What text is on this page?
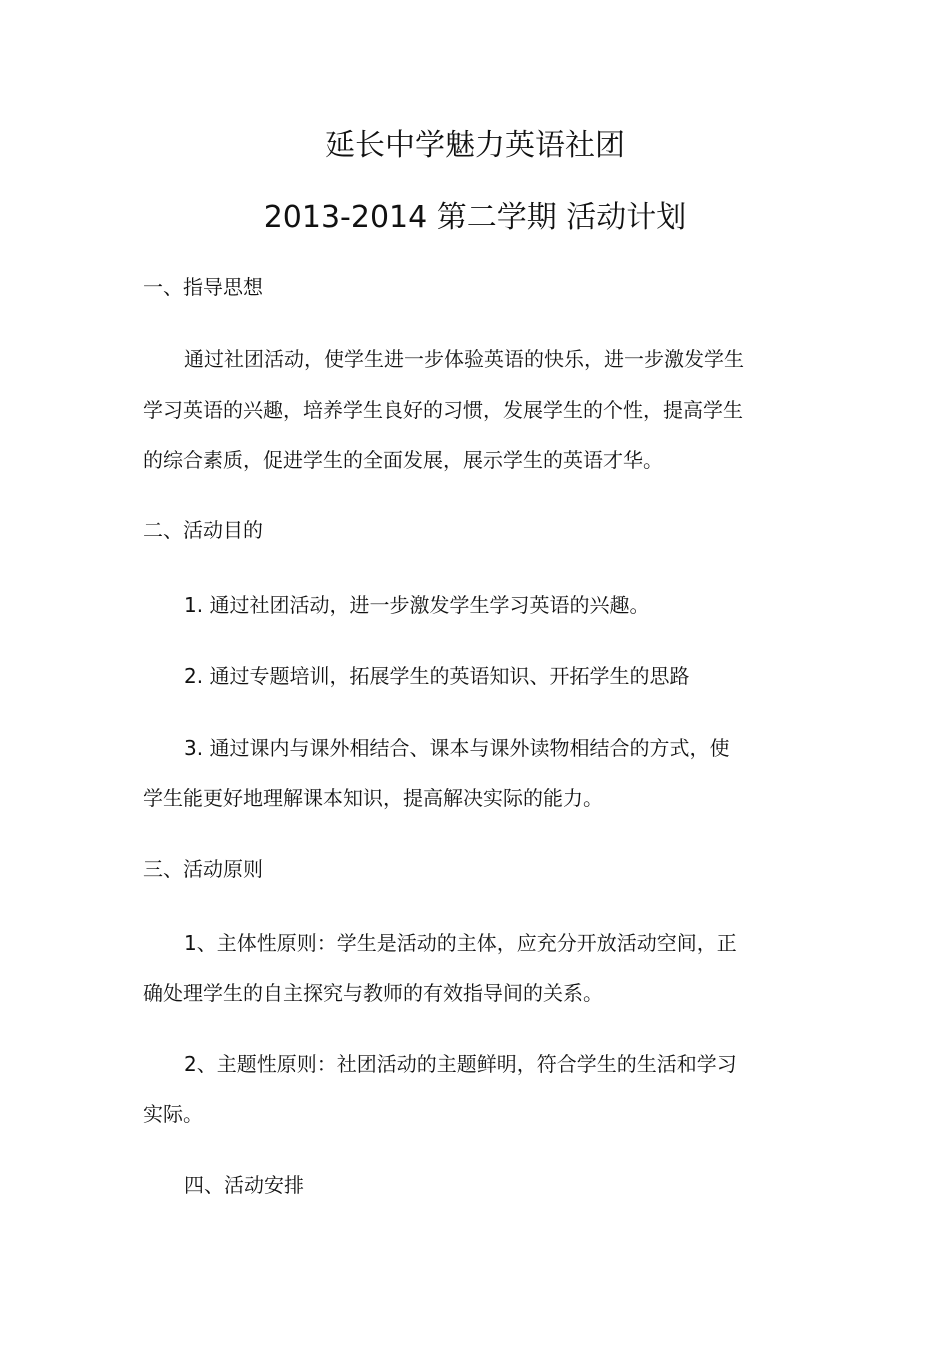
延长中学魅力英语社团
2013-2014 第二学期 活动计划
一、指导思想
通过社团活动，使学生进一步体验英语的快乐，进一步激发学生
学习英语的兴趣，培养学生良好的习惯，发展学生的个性，提高学生
的综合素质，促进学生的全面发展，展示学生的英语才华。
二、活动目的
1. 通过社团活动，进一步激发学生学习英语的兴趣。
2. 通过专题培训，拓展学生的英语知识、开拓学生的思路
3. 通过课内与课外相结合、课本与课外读物相结合的方式，使
学生能更好地理解课本知识，提高解决实际的能力。
三、活动原则
1、主体性原则：学生是活动的主体，应充分开放活动空间，正
确处理学生的自主探究与教师的有效指导间的关系。
2、主题性原则：社团活动的主题鲜明，符合学生的生活和学习
实际。
四、活动安排
